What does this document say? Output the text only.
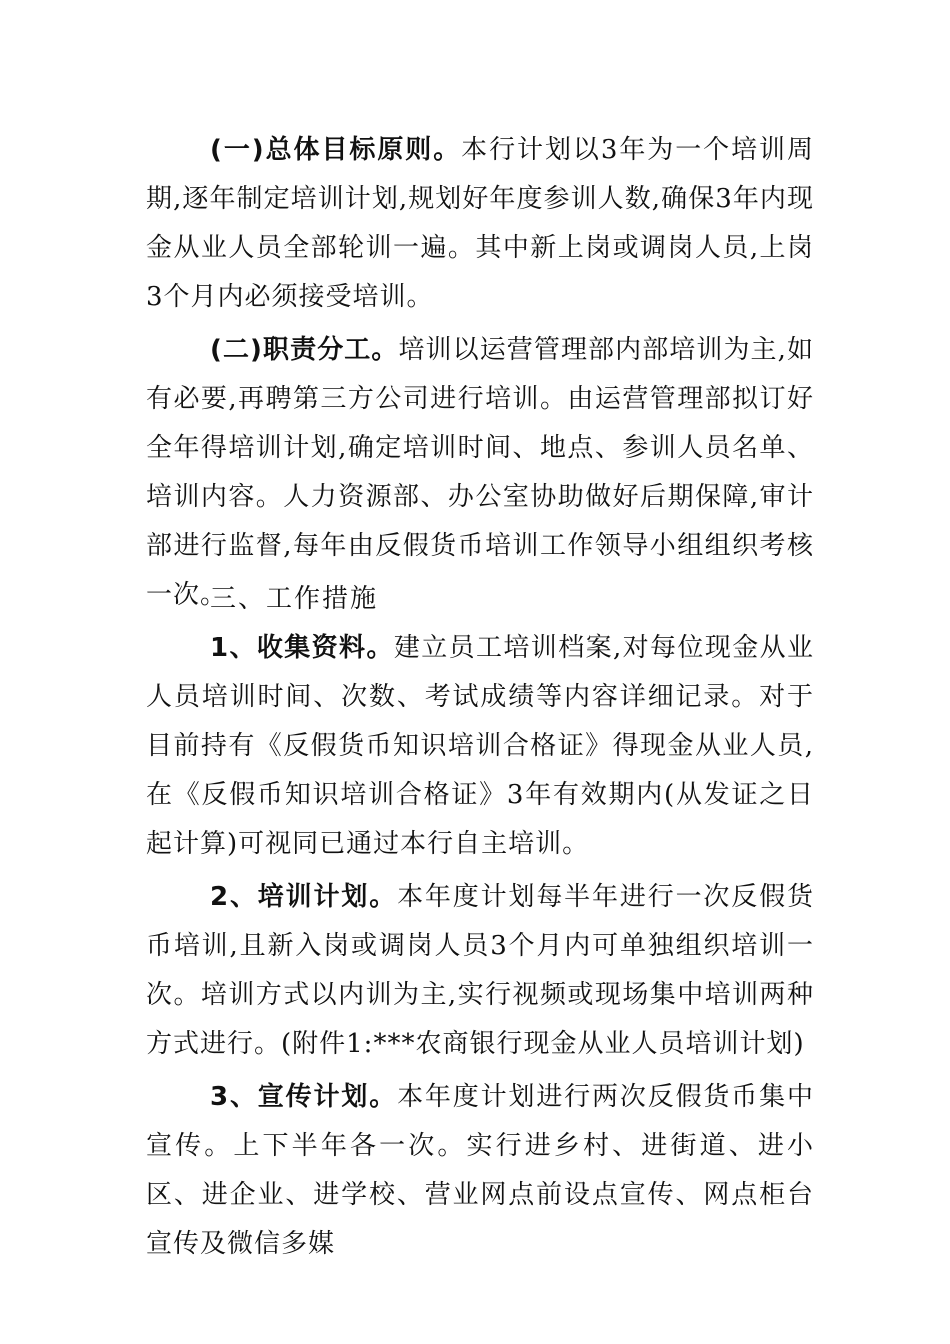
(一)总体目标原则。本行计划以3年为一个培训周期,逐年制定培训计划,规划好年度参训人数,确保3年内现金从业人员全部轮训一遍。其中新上岗或调岗人员,上岗3个月内必须接受培训。

(二)职责分工。培训以运营管理部内部培训为主,如有必要,再聘第三方公司进行培训。由运营管理部拟订好全年得培训计划,确定培训时间、地点、参训人员名单、培训内容。人力资源部、办公室协助做好后期保障,审计部进行监督,每年由反假货币培训工作领导小组组织考核一次。

三、工作措施

1、收集资料。建立员工培训档案,对每位现金从业人员培训时间、次数、考试成绩等内容详细记录。对于目前持有《反假货币知识培训合格证》得现金从业人员,在《反假币知识培训合格证》3年有效期内(从发证之日起计算)可视同已通过本行自主培训。

2、培训计划。本年度计划每半年进行一次反假货币培训,且新入岗或调岗人员3个月内可单独组织培训一次。培训方式以内训为主,实行视频或现场集中培训两种方式进行。(附件1:***农商银行现金从业人员培训计划)

3、宣传计划。本年度计划进行两次反假货币集中宣传。上下半年各一次。实行进乡村、进街道、进小区、进企业、进学校、营业网点前设点宣传、网点柜台宣传及微信多媒
